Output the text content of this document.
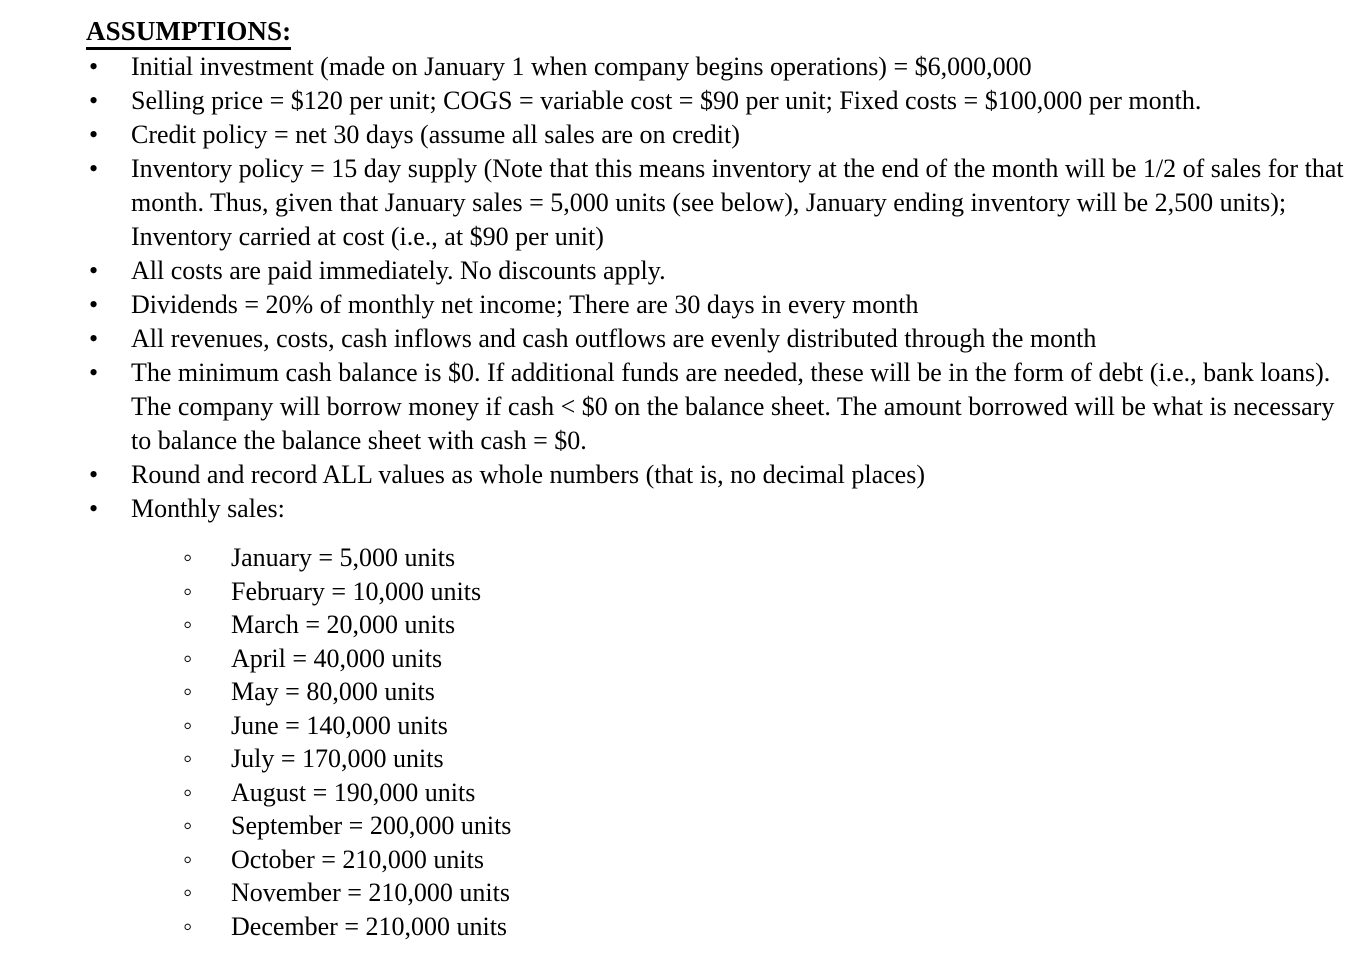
ASSUMPTIONS:
•
Initial investment (made on January 1 when company begins operations) = $6,000,000
•
Selling price = $120 per unit; COGS = variable cost = $90 per unit; Fixed costs = $100,000 per month.
•
Credit policy = net 30 days (assume all sales are on credit)
•
Inventory policy = 15 day supply (Note that this means inventory at the end of the month will be 1/2 of sales for that month. Thus, given that January sales = 5,000 units (see below), January ending inventory will be 2,500 units); Inventory carried at cost (i.e., at $90 per unit)
•
All costs are paid immediately. No discounts apply.
•
Dividends = 20% of monthly net income; There are 30 days in every month
•
All revenues, costs, cash inflows and cash outflows are evenly distributed through the month
•
The minimum cash balance is $0. If additional funds are needed, these will be in the form of debt (i.e., bank loans). The company will borrow money if cash < $0 on the balance sheet. The amount borrowed will be what is necessary to balance the balance sheet with cash = $0.
•
Round and record ALL values as whole numbers (that is, no decimal places)
•
Monthly sales:
◦
January = 5,000 units
◦
February = 10,000 units
◦
March = 20,000 units
◦
April = 40,000 units
◦
May = 80,000 units
◦
June = 140,000 units
◦
July = 170,000 units
◦
August = 190,000 units
◦
September = 200,000 units
◦
October = 210,000 units
◦
November = 210,000 units
◦
December = 210,000 units
